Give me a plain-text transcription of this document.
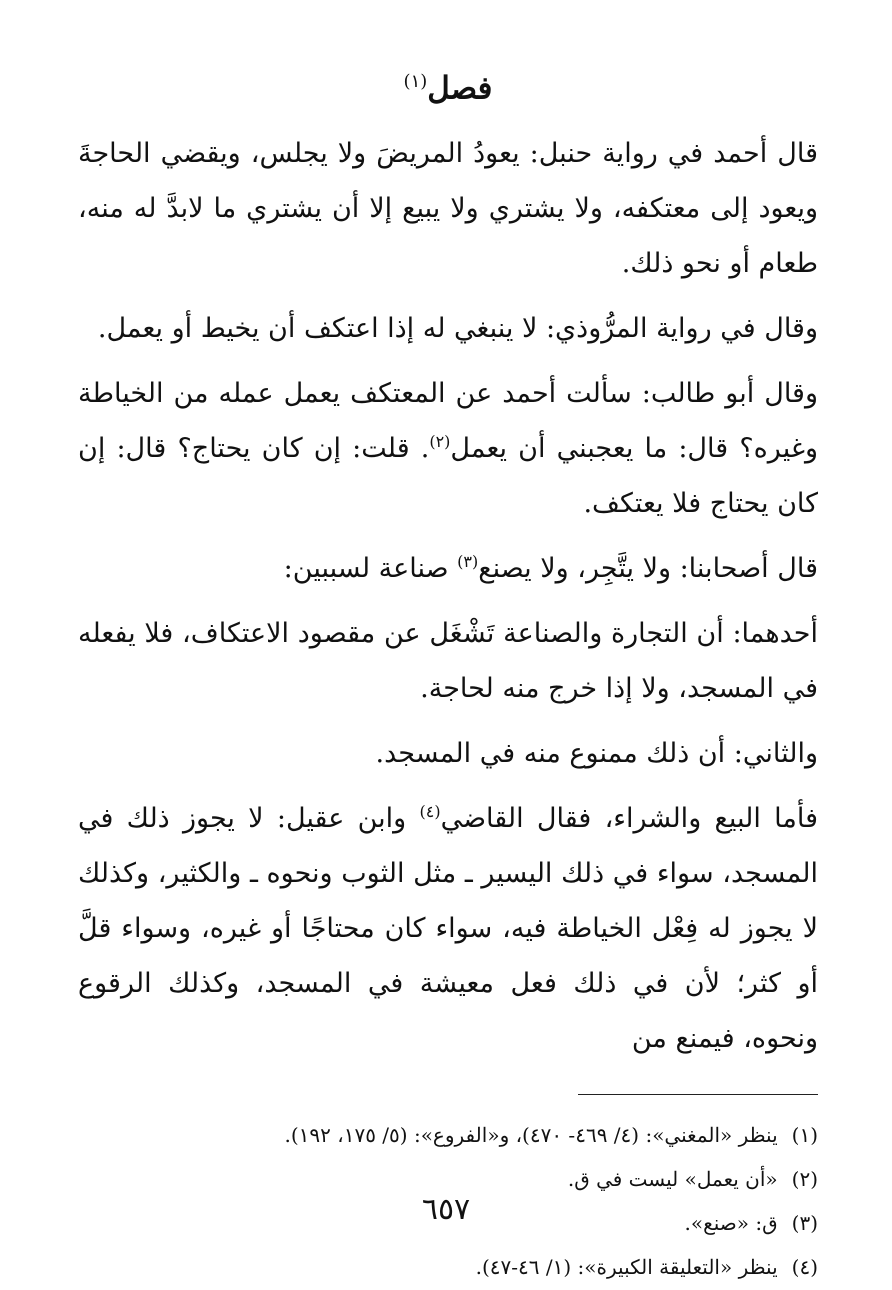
فصل$^{(١)}$

قال أحمد في رواية حنبل: يعودُ المريضَ ولا يجلس، ويقضي الحاجةَ ويعود إلى معتكفه، ولا يشتري ولا يبيع إلا أن يشتري ما لابدَّ له منه، طعام أو نحو ذلك.

وقال في رواية المرُّوذي: لا ينبغي له إذا اعتكف أن يخيط أو يعمل.

وقال أبو طالب: سألت أحمد عن المعتكف يعمل عمله من الخياطة وغيره؟ قال: ما يعجبني أن يعمل$^{(٢)}$. قلت: إن كان يحتاج؟ قال: إن كان يحتاج فلا يعتكف.

قال أصحابنا: ولا يتَّجِر، ولا يصنع$^{(٣)}$ صناعة لسببين:

أحدهما: أن التجارة والصناعة تَشْغَل عن مقصود الاعتكاف، فلا يفعله في المسجد، ولا إذا خرج منه لحاجة.

والثاني: أن ذلك ممنوع منه في المسجد.

فأما البيع والشراء، فقال القاضي$^{(٤)}$ وابن عقيل: لا يجوز ذلك في المسجد، سواء في ذلك اليسير ـ مثل الثوب ونحوه ـ والكثير، وكذلك لا يجوز له فِعْل الخياطة فيه، سواء كان محتاجًا أو غيره، وسواء قلَّ أو كثر؛ لأن في ذلك فعل معيشة في المسجد، وكذلك الرقوع ونحوه، فيمنع من

(١) ينظر «المغني»: (٤/ ٤٦٩- ٤٧٠)، و«الفروع»: (٥/ ١٧٥، ١٩٢).

(٢) «أن يعمل» ليست في ق.

(٣) ق: «صنع».

(٤) ينظر «التعليقة الكبيرة»: (١/ ٤٦-٤٧).

٦٥٧
